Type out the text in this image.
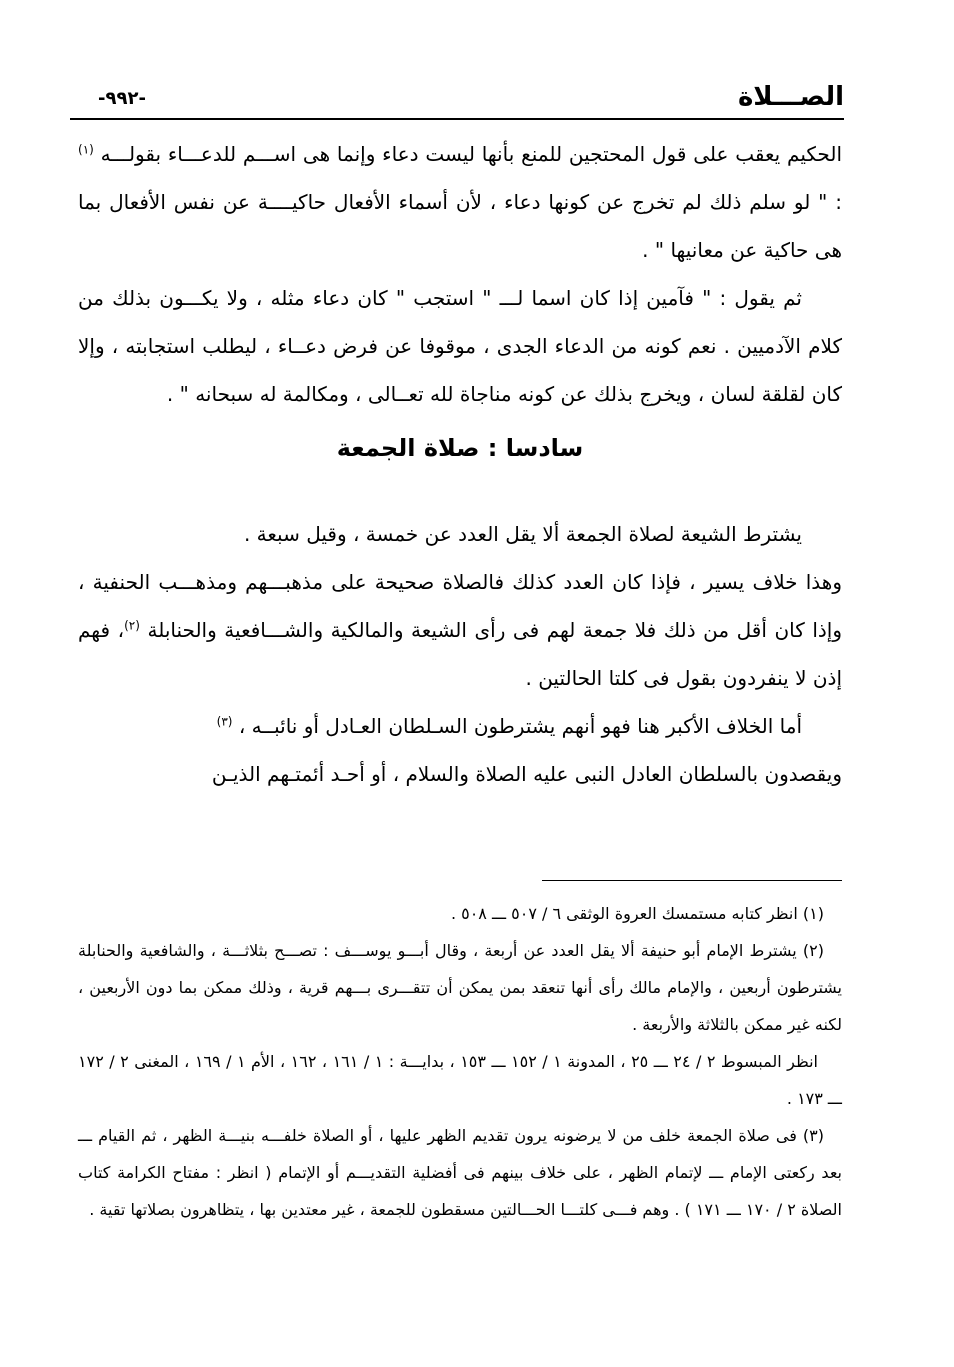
الصـــلاة
-٩٩٢-

الحكيم يعقب على قول المحتجين للمنع بأنها ليست دعاء وإنما هى اســـم للدعـــاء بقولـــه $^{(١)}$ : " لو سلم ذلك لم تخرج عن كونها دعاء ، لأن أسماء الأفعال حاكيــــة عن نفس الأفعال بما هى حاكية عن معانيها " .

ثم يقول : " فآمين إذا كان اسما لـــ " استجب " كان دعاء مثله ، ولا يكـــون بذلك من كلام الآدميين . نعم كونه من الدعاء الجدى ، موقوفا عن فرض دعــاء ، ليطلب استجابته ، وإلا كان لقلقة لسان ، ويخرج بذلك عن كونه مناجاة لله تعــالى ، ومكالمة له سبحانه " .

سادسا : صلاة الجمعة

يشترط الشيعة لصلاة الجمعة ألا يقل العدد عن خمسة ، وقيل سبعة .

وهذا خلاف يسير ، فإذا كان العدد كذلك فالصلاة صحيحة على مذهبـــهم ومذهـــب الحنفية ، وإذا كان أقل من ذلك فلا جمعة لهم فى رأى الشيعة والمالكية والشـــافعية والحنابلة $^{(٢)}$، فهم إذن لا ينفردون بقول فى كلتا الحالتين .

أما الخلاف الأكبر هنا فهو أنهم يشترطون السـلطان العـادل أو نائبــه ، $^{(٣)}$

ويقصدون بالسلطان العادل النبى عليه الصلاة والسلام ، أو أحـد أئمتـهم الذيـن

(١) انظر كتابه مستمسك العروة الوثقى ٦ / ٥٠٧ ـــ ٥٠٨ .

(٢) يشترط الإمام أبو حنيفة ألا يقل العدد عن أربعة ، وقال أبـــو يوســـف : تصـــح بثلاثـــة ، والشافعية والحنابلة يشترطون أربعين ، والإمام مالك رأى أنها تنعقد بمن يمكن أن تتقـــرى بـــهم قرية ، وذلك ممكن بما دون الأربعين ، لكنه غير ممكن بالثلاثة والأربعة .

انظر المبسوط ٢ / ٢٤ ـــ ٢٥ ، المدونة ١ / ١٥٢ ـــ ١٥٣ ، بدايـــة : ١ / ١٦١ ، ١٦٢ ، الأم ١ / ١٦٩ ، المغنى ٢ / ١٧٢ ـــ ١٧٣ .

(٣) فى صلاة الجمعة خلف من لا يرضونه يرون تقديم الظهر عليها ، أو الصلاة خلفـــه بنيـــة الظهر ، ثم القيام ـــ بعد ركعتى الإمام ـــ لإتمام الظهر ، على خلاف بينهم فى أفضلية التقديـــم أو الإتمام ( انظر : مفتاح الكرامة كتاب الصلاة ٢ / ١٧٠ ـــ ١٧١ ) . وهم فـــى كلتـــا الحـــالتين مسقطون للجمعة ، غير معتدين بها ، يتظاهرون بصلاتها تقية .
